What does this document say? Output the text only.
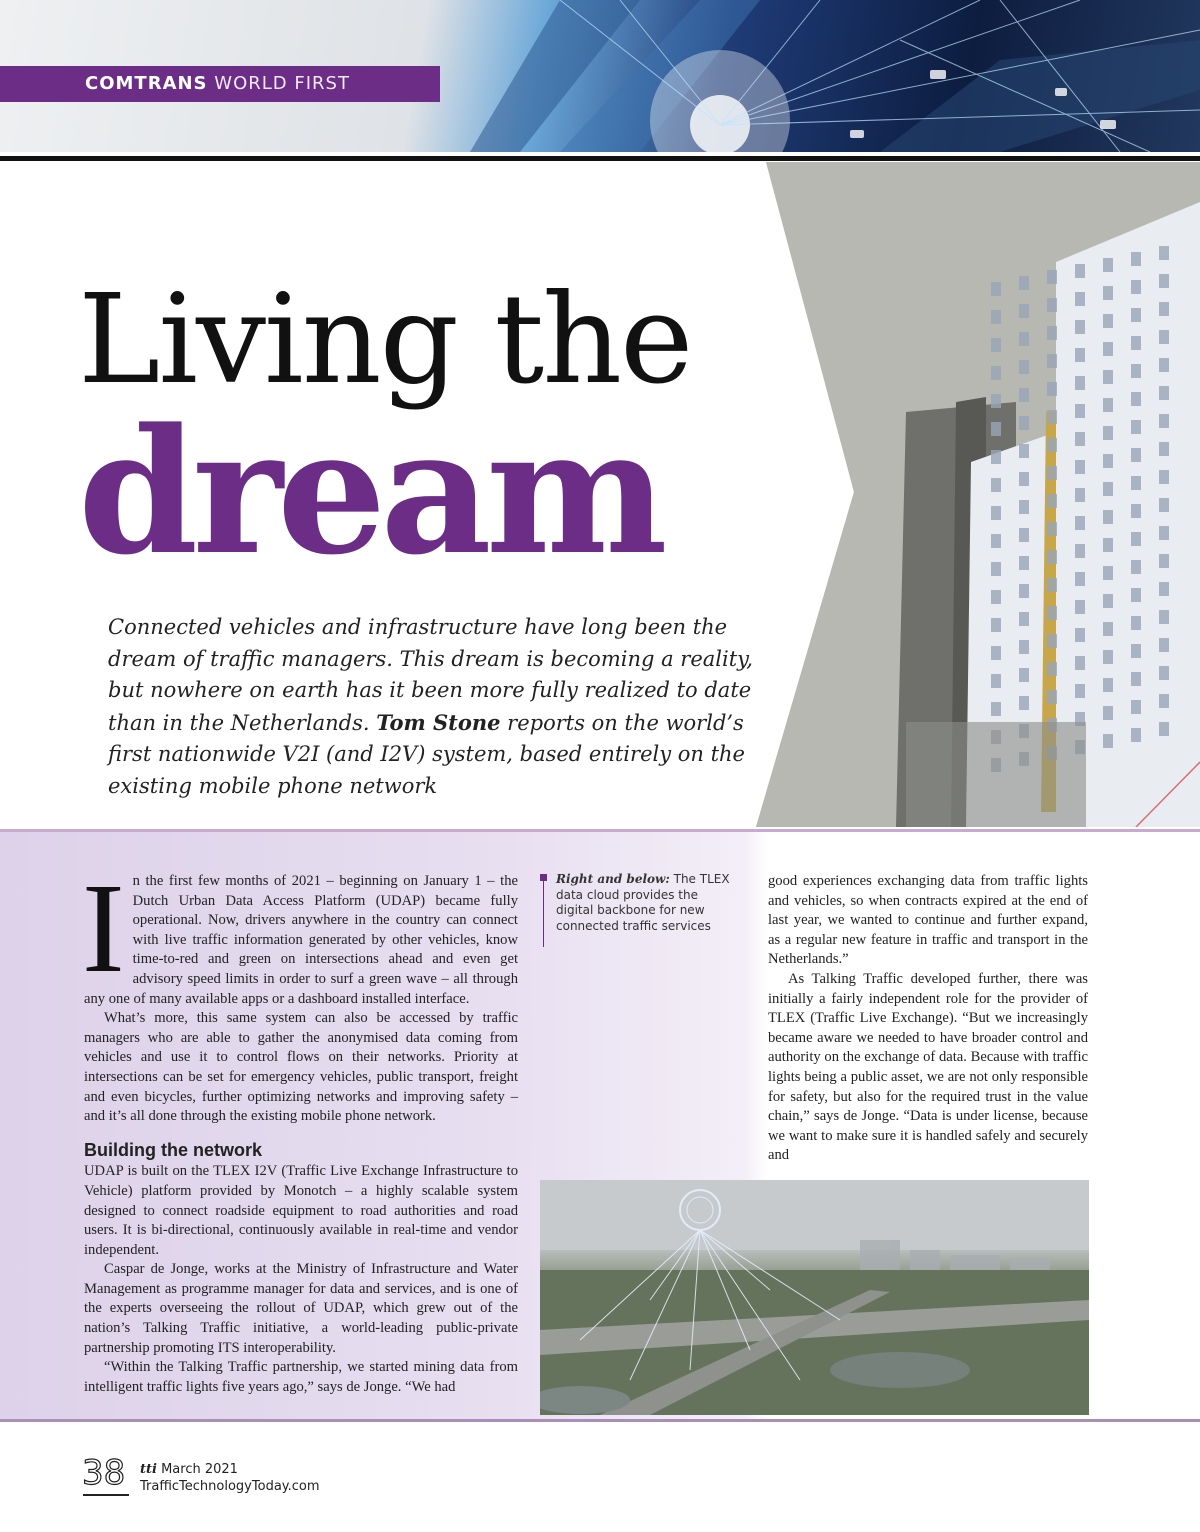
COMTRANS WORLD FIRST
Living the
dream
Connected vehicles and infrastructure have long been the dream of traffic managers. This dream is becoming a reality, but nowhere on earth has it been more fully realized to date than in the Netherlands. Tom Stone reports on the world’s first nationwide V2I (and I2V) system, based entirely on the existing mobile phone network

In the first few months of 2021 – beginning on January 1 – the Dutch Urban Data Access Platform (UDAP) became fully operational. Now, drivers anywhere in the country can connect with live traffic information generated by other vehicles, know time-to-red and green on intersections ahead and even get advisory speed limits in order to surf a green wave – all through any one of many available apps or a dashboard installed interface.

What’s more, this same system can also be accessed by traffic managers who are able to gather the anonymised data coming from vehicles and use it to control flows on their networks. Priority at intersections can be set for emergency vehicles, public transport, freight and even bicycles, further optimizing networks and improving safety – and it’s all done through the existing mobile phone network.

Building the network

UDAP is built on the TLEX I2V (Traffic Live Exchange Infrastructure to Vehicle) platform provided by Monotch – a highly scalable system designed to connect roadside equipment to road authorities and road users. It is bi-directional, continuously available in real-time and vendor independent.

Caspar de Jonge, works at the Ministry of Infrastructure and Water Management as programme manager for data and services, and is one of the experts overseeing the rollout of UDAP, which grew out of the nation’s Talking Traffic initiative, a world-leading public-private partnership promoting ITS interoperability.

“Within the Talking Traffic partnership, we started mining data from intelligent traffic lights five years ago,” says de Jonge. “We had

Right and below: The TLEX data cloud provides the digital backbone for new connected traffic services

good experiences exchanging data from traffic lights and vehicles, so when contracts expired at the end of last year, we wanted to continue and further expand, as a regular new feature in traffic and transport in the Netherlands.”

As Talking Traffic developed further, there was initially a fairly independent role for the provider of TLEX (Traffic Live Exchange). “But we increasingly became aware we needed to have broader control and authority on the exchange of data. Because with traffic lights being a public asset, we are not only responsible for safety, but also for the required trust in the value chain,” says de Jonge. “Data is under license, because we want to make sure it is handled safely and securely and

38 tti March 2021
TrafficTechnologyToday.com
